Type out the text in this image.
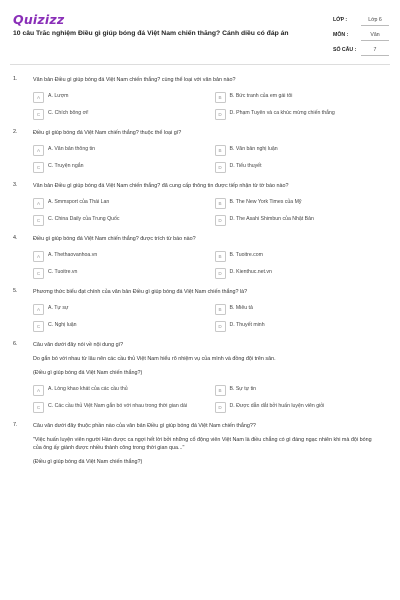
Quizizz
10 câu Trắc nghiệm Điều gì giúp bóng đá Việt Nam chiến thắng? Cánh diều có đáp án
LỚP :	Lớp 6
MÔN :	Văn
SỐ CÂU :	7
1.	Văn bản Điều gì giúp bóng đá Việt Nam chiến thắng? cùng thể loại với văn bản nào?
A	A. Lượm	B	B. Bức tranh của em gái tôi
C	C. Chích bông ơi!	D	D. Phạm Tuyên và ca khúc mừng chiến thắng
2.	Điều gì giúp bóng đá Việt Nam chiến thắng? thuộc thể loại gì?
A	A. Văn bản thông tin	B	B. Văn bản nghị luận
C	C. Truyện ngắn	D	D. Tiểu thuyết
3.	Văn bản Điều gì giúp bóng đá Việt Nam chiến thắng? đã cung cấp thông tin được tiếp nhận từ tờ báo nào?
A	A. Smmsport của Thái Lan	B	B. The New York Times của Mỹ
C	C. China Daily của Trung Quốc	D	D. The Asahi Shimbun của Nhật Bản
4.	Điều gì giúp bóng đá Việt Nam chiến thắng? được trích từ báo nào?
A	A. Thethaovanhoa.vn	B	B. Tuoitre.com
C	C. Tuoitre.vn	D	D. Kienthuc.net.vn
5.	Phương thức biểu đạt chính của văn bản Điều gì giúp bóng đá Việt Nam chiến thắng? là?
A	A. Tự sự	B	B. Miêu tả
C	C. Nghị luận	D	D. Thuyết minh
6.	Câu văn dưới đây nói về nội dung gì?
Do gắn bó với nhau từ lâu nên các cầu thủ Việt Nam hiểu rõ nhiệm vụ của mình và đồng đội trên sân.
(Điều gì giúp bóng đá Việt Nam chiến thắng?)
A	A. Lòng khao khát của các cầu thủ	B	B. Sự tự tin
C	C. Các cầu thủ Việt Nam gắn bó với nhau trong thời gian dài	D	D. Được dẫn dắt bởi huấn luyện viên giỏi
7.	Câu văn dưới đây thuộc phần nào của văn bản Điều gì giúp bóng đá Việt Nam chiến thắng??
"Việc huấn luyện viên người Hàn được ca ngợi hết lời bởi những cổ động viên Việt Nam là điều chẳng có gì đáng ngạc nhiên khi mà đội bóng của ông ấy giành được nhiều thành công trong thời gian qua..."
(Điều gì giúp bóng đá Việt Nam chiến thắng?)
